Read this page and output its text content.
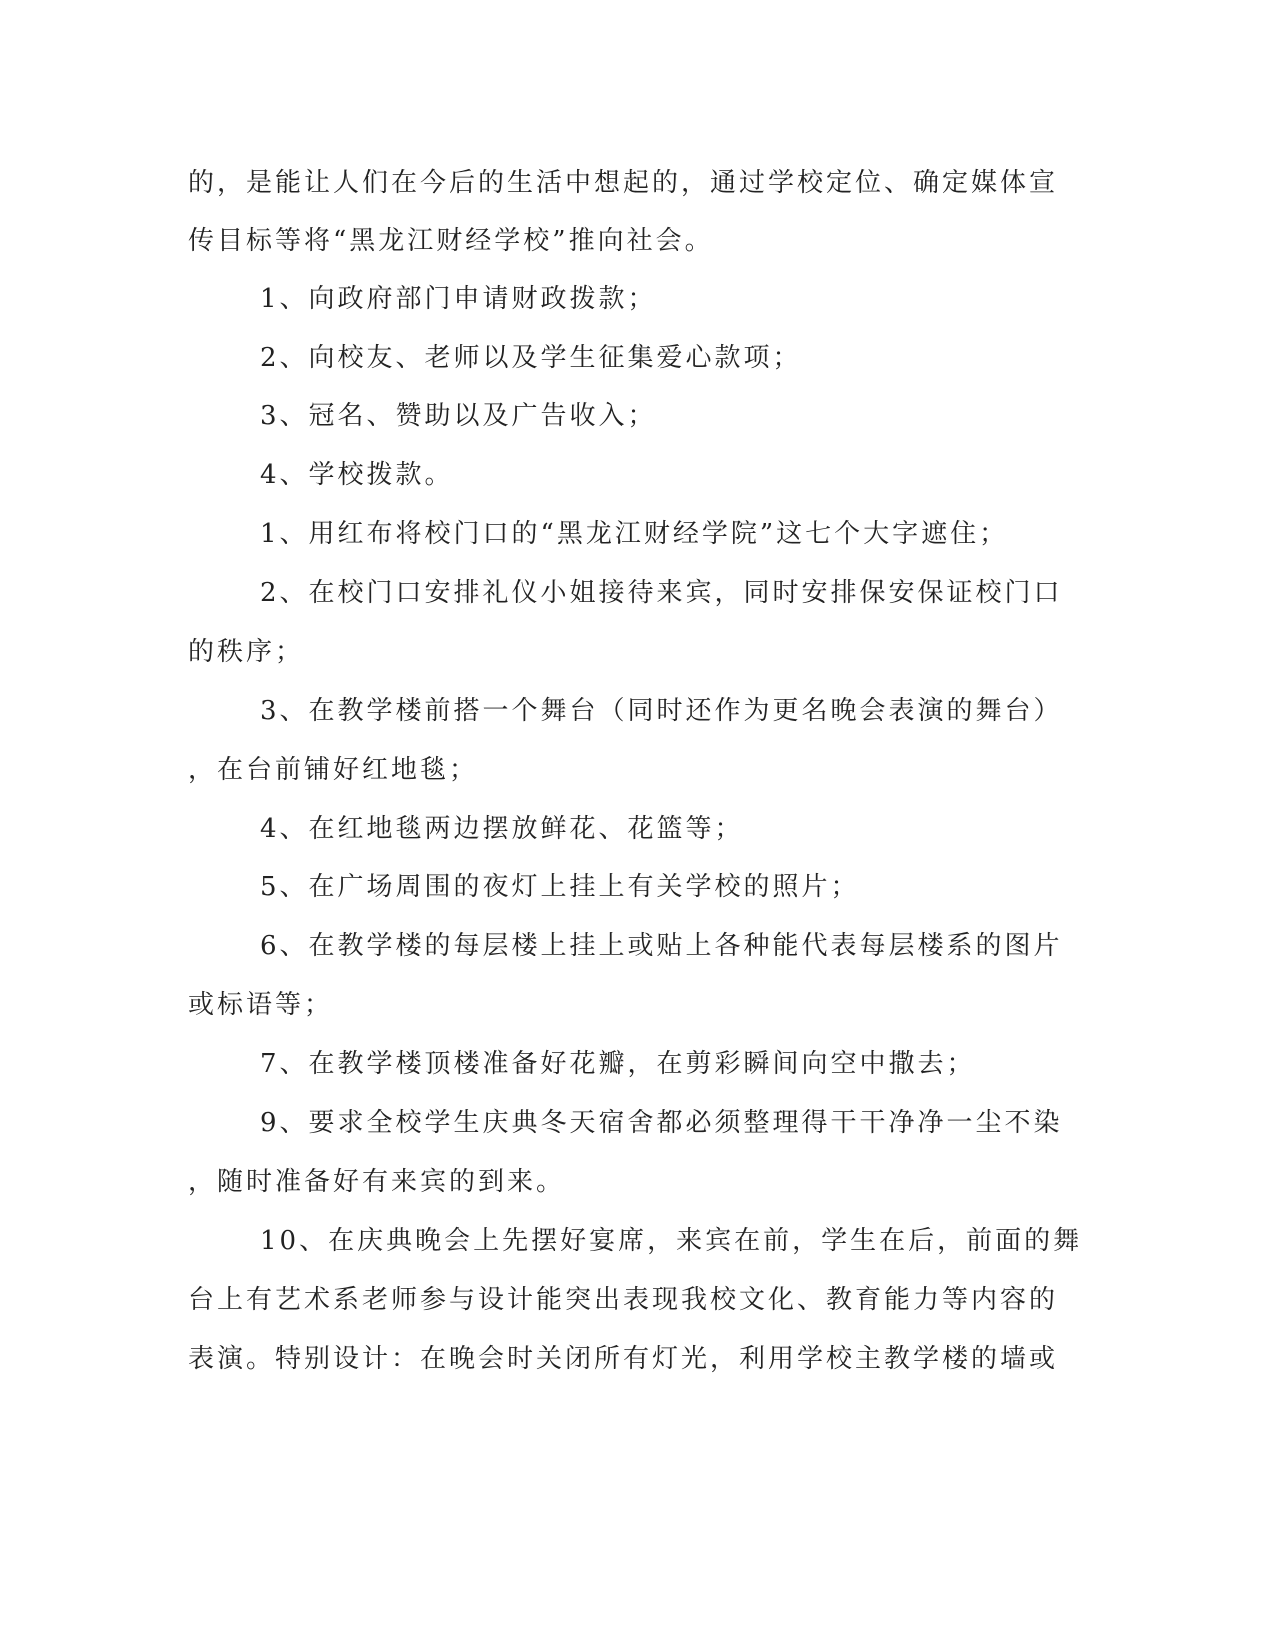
的，是能让人们在今后的生活中想起的，通过学校定位、确定媒体宣
传目标等将“黑龙江财经学校”推向社会。
1、向政府部门申请财政拨款；
2、向校友、老师以及学生征集爱心款项；
3、冠名、赞助以及广告收入；
4、学校拨款。
1、用红布将校门口的“黑龙江财经学院”这七个大字遮住；
2、在校门口安排礼仪小姐接待来宾，同时安排保安保证校门口
的秩序；
3、在教学楼前搭一个舞台（同时还作为更名晚会表演的舞台）
，在台前铺好红地毯；
4、在红地毯两边摆放鲜花、花篮等；
5、在广场周围的夜灯上挂上有关学校的照片；
6、在教学楼的每层楼上挂上或贴上各种能代表每层楼系的图片
或标语等；
7、在教学楼顶楼准备好花瓣，在剪彩瞬间向空中撒去；
9、要求全校学生庆典冬天宿舍都必须整理得干干净净一尘不染
，随时准备好有来宾的到来。
10、在庆典晚会上先摆好宴席，来宾在前，学生在后，前面的舞
台上有艺术系老师参与设计能突出表现我校文化、教育能力等内容的
表演。特别设计：在晚会时关闭所有灯光，利用学校主教学楼的墙或
